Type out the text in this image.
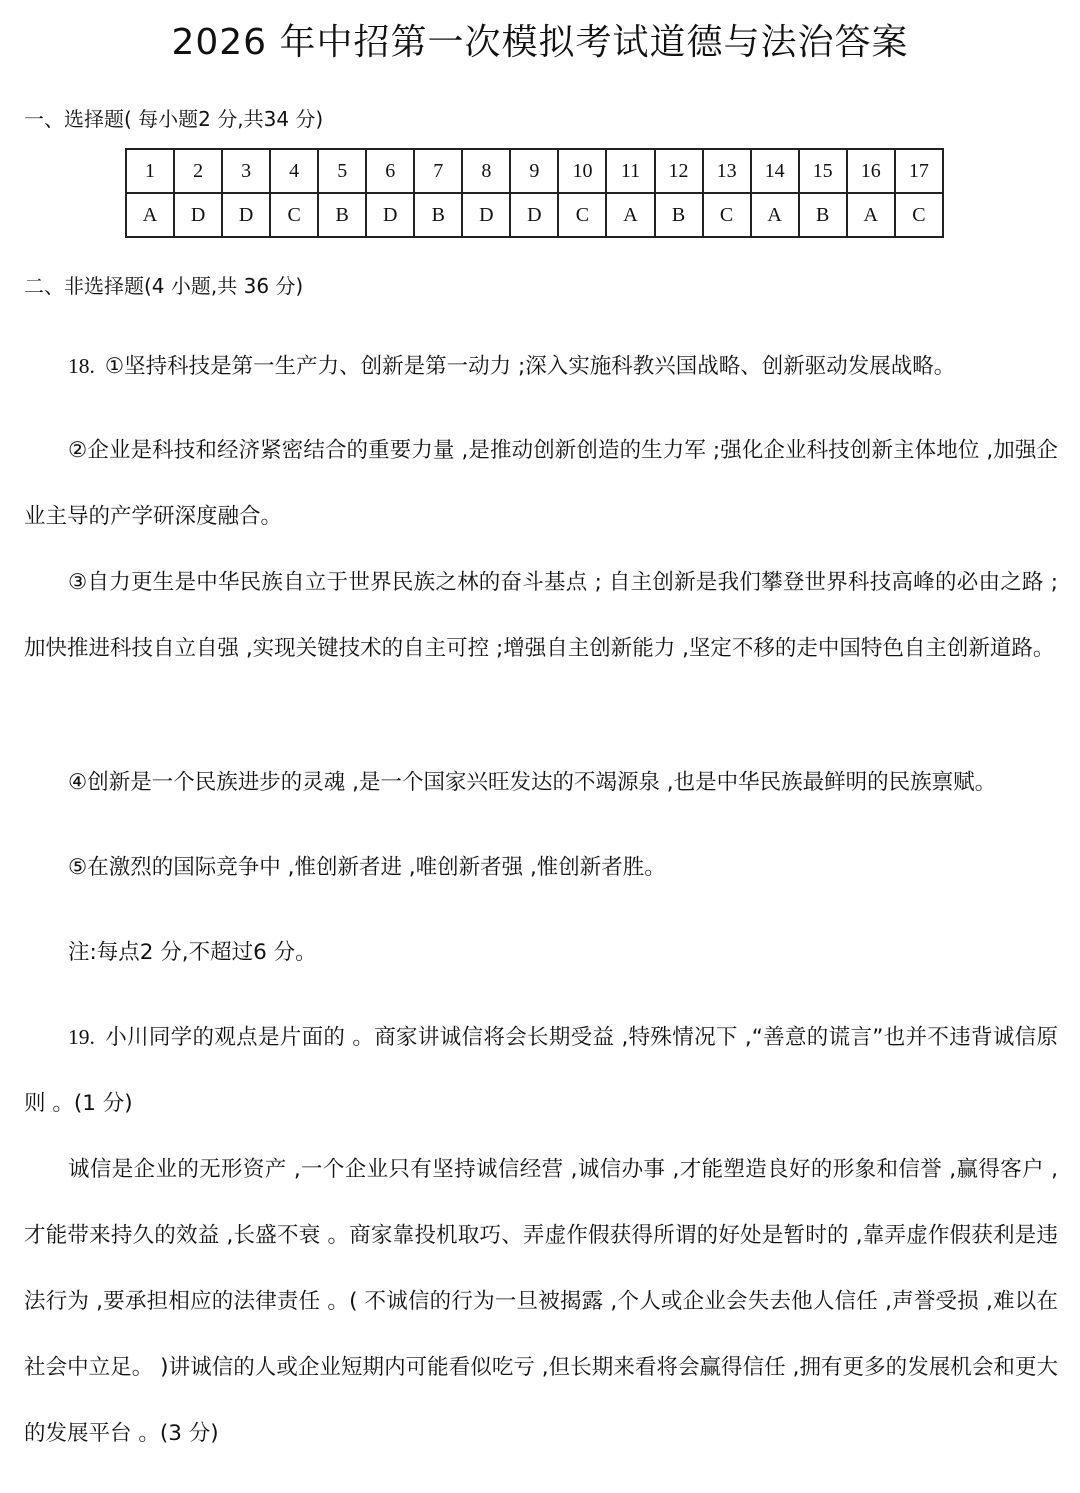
2026 年中招第一次模拟考试道德与法治答案
一、选择题( 每小题2 分,共34 分)
1	2	3	4	5	6	7	8	9	10	11	12	13	14	15	16	17
A	D	D	C	B	D	B	D	D	C	A	B	C	A	B	A	C
二、非选择题(4 小题,共 36 分)
18. ①坚持科技是第一生产力、创新是第一动力 ;深入实施科教兴国战略、创新驱动发展战略。
②企业是科技和经济紧密结合的重要力量 ,是推动创新创造的生力军 ;强化企业科技创新主体地位 ,加强企业主导的产学研深度融合。
③自力更生是中华民族自立于世界民族之林的奋斗基点 ; 自主创新是我们攀登世界科技高峰的必由之路 ;加快推进科技自立自强 ,实现关键技术的自主可控 ;增强自主创新能力 ,坚定不移的走中国特色自主创新道路。
④创新是一个民族进步的灵魂 ,是一个国家兴旺发达的不竭源泉 ,也是中华民族最鲜明的民族禀赋。
⑤在激烈的国际竞争中 ,惟创新者进 ,唯创新者强 ,惟创新者胜。
注:每点2 分,不超过6 分。
19. 小川同学的观点是片面的 。商家讲诚信将会长期受益 ,特殊情况下 ,“善意的谎言”也并不违背诚信原则 。(1 分)
诚信是企业的无形资产 ,一个企业只有坚持诚信经营 ,诚信办事 ,才能塑造良好的形象和信誉 ,赢得客户 ,才能带来持久的效益 ,长盛不衰 。商家靠投机取巧、弄虚作假获得所谓的好处是暂时的 ,靠弄虚作假获利是违法行为 ,要承担相应的法律责任 。( 不诚信的行为一旦被揭露 ,个人或企业会失去他人信任 ,声誉受损 ,难以在社会中立足。 )讲诚信的人或企业短期内可能看似吃亏 ,但长期来看将会赢得信任 ,拥有更多的发展机会和更大的发展平台 。(3 分)
